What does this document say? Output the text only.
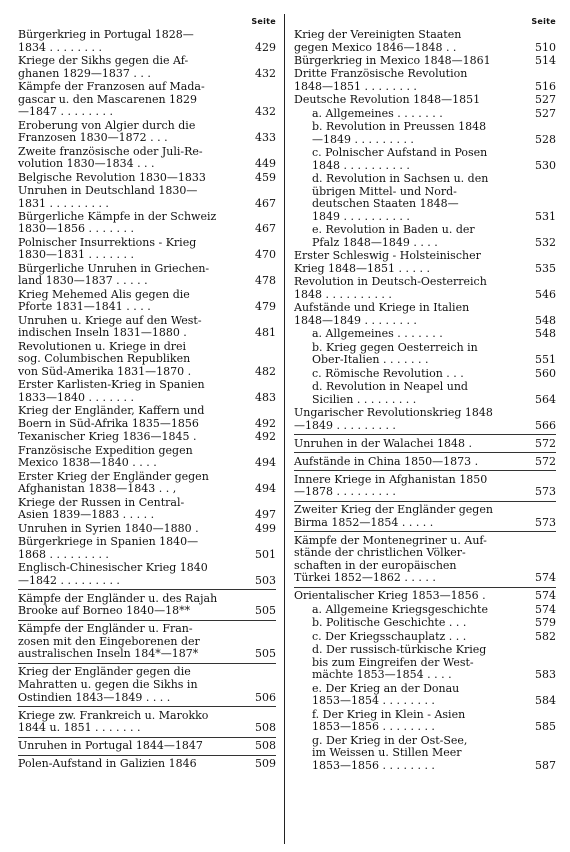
Seite
Bürgerkrieg in Portugal 1828—
1834 . . . . . . . .	429
Kriege der Sikhs gegen die Af-
ghanen 1829—1837 . . .	432
Kämpfe der Franzosen auf Mada-
gascar u. den Mascarenen 1829
—1847 . . . . . . . .	432
Eroberung von Algier durch die
Franzosen 1830—1872 . . .	433
Zweite französische oder Juli-Re-
volution 1830—1834 . . .	449
Belgische Revolution 1830—1833	459
Unruhen in Deutschland 1830—
1831 . . . . . . . . .	467
Bürgerliche Kämpfe in der Schweiz
1830—1856 . . . . . . .	467
Polnischer Insurrektions - Krieg
1830—1831 . . . . . . .	470
Bürgerliche Unruhen in Griechen-
land 1830—1837 . . . . .	478
Krieg Mehemed Alis gegen die
Pforte 1831—1841 . . . .	479
Unruhen u. Kriege auf den West-
indischen Inseln 1831—1880 .	481
Revolutionen u. Kriege in drei
sog. Columbischen Republiken
von Süd-Amerika 1831—1870 .	482
Erster Karlisten-Krieg in Spanien
1833—1840 . . . . . . .	483
Krieg der Engländer, Kaffern und
Boern in Süd-Afrika 1835—1856	492
Texanischer Krieg 1836—1845 .	492
Französische Expedition gegen
Mexico 1838—1840 . . . .	494
Erster Krieg der Engländer gegen
Afghanistan 1838—1843 . . ,	494
Kriege der Russen in Central-
Asien 1839—1883 . . . . .	497
Unruhen in Syrien 1840—1880 .	499
Bürgerkriege in Spanien 1840—
1868 . . . . . . . . .	501
Englisch-Chinesischer Krieg 1840
—1842 . . . . . . . . .	503
Kämpfe der Engländer u. des Rajah
Brooke auf Borneo 1840—18**	505
Kämpfe der Engländer u. Fran-
zosen mit den Eingeborenen der
australischen Inseln 184*—187*	505
Krieg der Engländer gegen die
Mahratten u. gegen die Sikhs in
Ostindien 1843—1849 . . . .	506
Kriege zw. Frankreich u. Marokko
1844 u. 1851 . . . . . . .	508
Unruhen in Portugal 1844—1847	508
Polen-Aufstand in Galizien 1846	509
Seite
Krieg der Vereinigten Staaten
gegen Mexico 1846—1848 . .	510
Bürgerkrieg in Mexico 1848—1861	514
Dritte Französische Revolution
1848—1851 . . . . . . . .	516
Deutsche Revolution 1848—1851	527
a. Allgemeines . . . . . . .	527
b. Revolution in Preussen 1848
—1849 . . . . . . . . .	528
c. Polnischer Aufstand in Posen
1848 . . . . . . . . . .	530
d. Revolution in Sachsen u. den
übrigen Mittel- und Nord-
deutschen Staaten 1848—
1849 . . . . . . . . . .	531
e. Revolution in Baden u. der
Pfalz 1848—1849 . . . .	532
Erster Schleswig - Holsteinischer
Krieg 1848—1851 . . . . .	535
Revolution in Deutsch-Oesterreich
1848 . . . . . . . . . .	546
Aufstände und Kriege in Italien
1848—1849 . . . . . . . .	548
a. Allgemeines . . . . . . .	548
b. Krieg gegen Oesterreich in
Ober-Italien . . . . . . .	551
c. Römische Revolution . . .	560
d. Revolution in Neapel und
Sicilien . . . . . . . . .	564
Ungarischer Revolutionskrieg 1848
—1849 . . . . . . . . .	566
Unruhen in der Walachei 1848 .	572
Aufstände in China 1850—1873 .	572
Innere Kriege in Afghanistan 1850
—1878 . . . . . . . . .	573
Zweiter Krieg der Engländer gegen
Birma 1852—1854 . . . . .	573
Kämpfe der Montenegriner u. Auf-
stände der christlichen Völker-
schaften in der europäischen
Türkei 1852—1862 . . . . .	574
Orientalischer Krieg 1853—1856 .	574
a. Allgemeine Kriegsgeschichte	574
b. Politische Geschichte . . .	579
c. Der Kriegsschauplatz . . .	582
d. Der russisch-türkische Krieg
bis zum Eingreifen der West-
mächte 1853—1854 . . . .	583
e. Der Krieg an der Donau
1853—1854 . . . . . . . .	584
f. Der Krieg in Klein - Asien
1853—1856 . . . . . . . .	585
g. Der Krieg in der Ost-See,
im Weissen u. Stillen Meer
1853—1856 . . . . . . . .	587
